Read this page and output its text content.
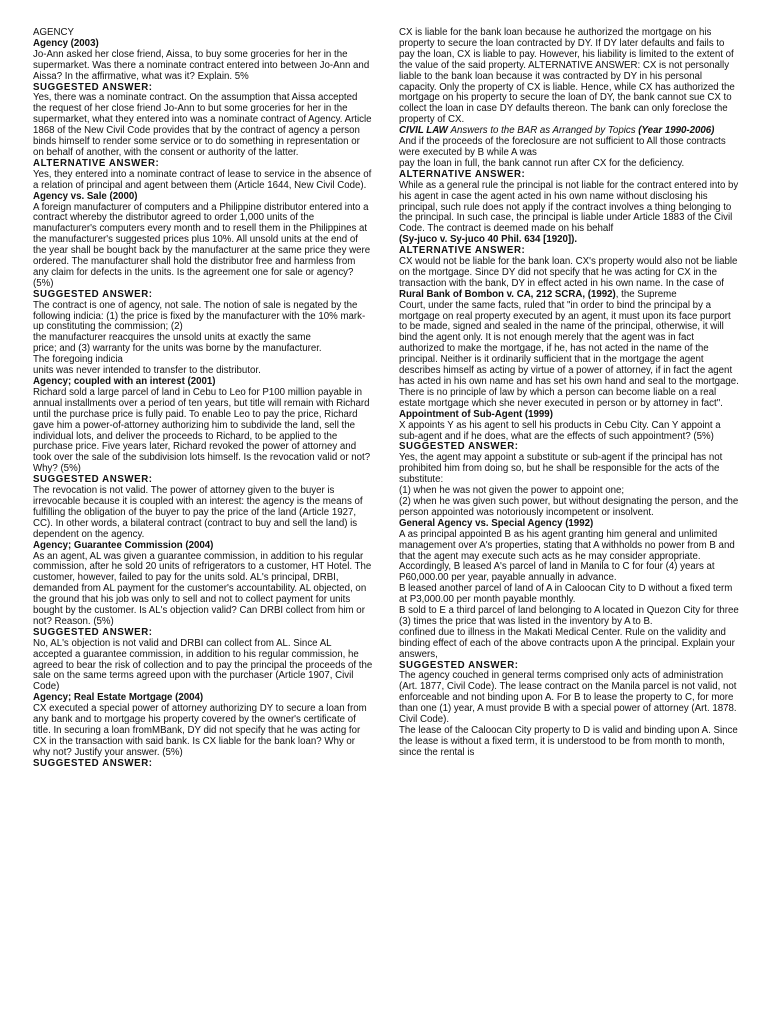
AGENCY

Agency (2003)

Jo-Ann asked her close friend, Aissa, to buy some groceries for her in the supermarket. Was there a nominate contract entered into between Jo-Ann and Aissa? In the affirmative, what was it? Explain. 5%

SUGGESTED ANSWER:

Yes, there was a nominate contract. On the assumption that Aissa accepted the request of her close friend Jo-Ann to but some groceries for her in the supermarket, what they entered into was a nominate contract of Agency. Article 1868 of the New Civil Code provides that by the contract of agency a person binds himself to render some service or to do something in representation or on behalf of another, with the consent or authority of the latter.

ALTERNATIVE ANSWER:

Yes, they entered into a nominate contract of lease to service in the absence of a relation of principal and agent between them (Article 1644, New Civil Code).

Agency vs. Sale (2000)

A foreign manufacturer of computers and a Philippine distributor entered into a contract whereby the distributor agreed to order 1,000 units of the manufacturer's computers every month and to resell them in the Philippines at the manufacturer's suggested prices plus 10%. All unsold units at the end of the year shall be bought back by the manufacturer at the same price they were ordered. The manufacturer shall hold the distributor free and harmless from any claim for defects in the units. Is the agreement one for sale or agency? (5%)

SUGGESTED ANSWER:

The contract is one of agency, not sale. The notion of sale is negated by the following indicia: (1) the price is fixed by the manufacturer with the 10% mark-up constituting the commission; (2)

the manufacturer reacquires the unsold units at exactly the same

price; and (3) warranty for the units was borne by the manufacturer.

The foregoing indicia

units was never intended to transfer to the distributor.

Agency; coupled with an interest (2001)

Richard sold a large parcel of land in Cebu to Leo for P100 million payable in annual installments over a period of ten years, but title will remain with Richard until the purchase price is fully paid. To enable Leo to pay the price, Richard gave him a power-of-attorney authorizing him to subdivide the land, sell the individual lots, and deliver the proceeds to Richard, to be applied to the purchase price. Five years later, Richard revoked the power of attorney and took over the sale of the subdivision lots himself. Is the revocation valid or not? Why? (5%)

SUGGESTED ANSWER:

The revocation is not valid. The power of attorney given to the buyer is irrevocable because it is coupled with an interest: the agency is the means of fulfilling the obligation of the buyer to pay the price of the land (Article 1927, CC). In other words, a bilateral contract (contract to buy and sell the land) is dependent on the agency.

Agency; Guarantee Commission (2004)

As an agent, AL was given a guarantee commission, in addition to his regular commission, after he sold 20 units of refrigerators to a customer, HT Hotel. The customer, however, failed to pay for the units sold. AL's principal, DRBI, demanded from AL payment for the customer's accountability. AL objected, on the ground that his job was only to sell and not to collect payment for units bought by the customer. Is AL's objection valid? Can DRBI collect from him or not? Reason. (5%)

SUGGESTED ANSWER:

No, AL's objection is not valid and DRBI can collect from AL. Since AL accepted a guarantee commission, in addition to his regular commission, he agreed to bear the risk of collection and to pay the principal the proceeds of the sale on the same terms agreed upon with the purchaser (Article 1907, Civil Code)

Agency; Real Estate Mortgage (2004)

CX executed a special power of attorney authorizing DY to secure a loan from any bank and to mortgage his property covered by the owner's certificate of title. In securing a loan fromMBank, DY did not specify that he was acting for CX in the transaction with said bank. Is CX liable for the bank loan? Why or why not? Justify your answer. (5%)

SUGGESTED ANSWER:

CX is liable for the bank loan because he authorized the mortgage on his property to secure the loan contracted by DY. If DY later defaults and fails to pay the loan, CX is liable to pay. However, his liability is limited to the extent of the value of the said property. ALTERNATIVE ANSWER: CX is not personally liable to the bank loan because it was contracted by DY in his personal capacity. Only the property of CX is liable. Hence, while CX has authorized the mortgage on his property to secure the loan of DY, the bank cannot sue CX to collect the loan in case DY defaults thereon. The bank can only foreclose the property of CX.

CIVIL LAW Answers to the BAR as Arranged by Topics (Year 1990-2006)

And if the proceeds of the foreclosure are not sufficient to All those contracts were executed by B while A was

pay the loan in full, the bank cannot run after CX for the deficiency.

ALTERNATIVE ANSWER:

While as a general rule the principal is not liable for the contract entered into by his agent in case the agent acted in his own name without disclosing his principal, such rule does not apply if the contract involves a thing belonging to the principal. In such case, the principal is liable under Article 1883 of the Civil Code. The contract is deemed made on his behalf

(Sy-juco v. Sy-juco 40 Phil. 634 [1920]).

ALTERNATIVE ANSWER:

CX would not be liable for the bank loan. CX's property would also not be liable on the mortgage. Since DY did not specify that he was acting for CX in the transaction with the bank, DY in effect acted in his own name. In the case of

Rural Bank of Bombon v. CA, 212 SCRA, (1992), the Supreme

Court, under the same facts, ruled that "in order to bind the principal by a mortgage on real property executed by an agent, it must upon its face purport to be made, signed and sealed in the name of the principal, otherwise, it will bind the agent only. It is not enough merely that the agent was in fact authorized to make the mortgage, if he, has not acted in the name of the principal. Neither is it ordinarily sufficient that in the mortgage the agent describes himself as acting by virtue of a power of attorney, if in fact the agent has acted in his own name and has set his own hand and seal to the mortgage. There is no principle of law by which a person can become liable on a real estate mortgage which she never executed in person or by attorney in fact".

Appointment of Sub-Agent (1999)

X appoints Y as his agent to sell his products in Cebu City. Can Y appoint a sub-agent and if he does, what are the effects of such appointment? (5%)

SUGGESTED ANSWER:

Yes, the agent may appoint a substitute or sub-agent if the principal has not prohibited him from doing so, but he shall be responsible for the acts of the substitute:

(1) when he was not given the power to appoint one;

(2) when he was given such power, but without designating the person, and the person appointed was notoriously incompetent or insolvent.

General Agency vs. Special Agency (1992)

A as principal appointed B as his agent granting him general and unlimited management over A's properties, stating that A withholds no power from B and that the agent may execute such acts as he may consider appropriate.

Accordingly, B leased A's parcel of land in Manila to C for four (4) years at P60,000.00 per year, payable annually in advance.

B leased another parcel of land of A in Caloocan City to D without a fixed term at P3,000.00 per month payable monthly.

B sold to E a third parcel of land belonging to A located in Quezon City for three (3) times the price that was listed in the inventory by A to B.

confined due to illness in the Makati Medical Center. Rule on the validity and binding effect of each of the above contracts upon A the principal. Explain your answers,

SUGGESTED ANSWER:

The agency couched in general terms comprised only acts of administration (Art. 1877, Civil Code). The lease contract on the Manila parcel is not valid, not enforceable and not binding upon A. For B to lease the property to C, for more than one (1) year, A must provide B with a special power of attorney (Art. 1878. Civil Code).

The lease of the Caloocan City property to D is valid and binding upon A. Since the lease is without a fixed term, it is understood to be from month to month, since the rental is
